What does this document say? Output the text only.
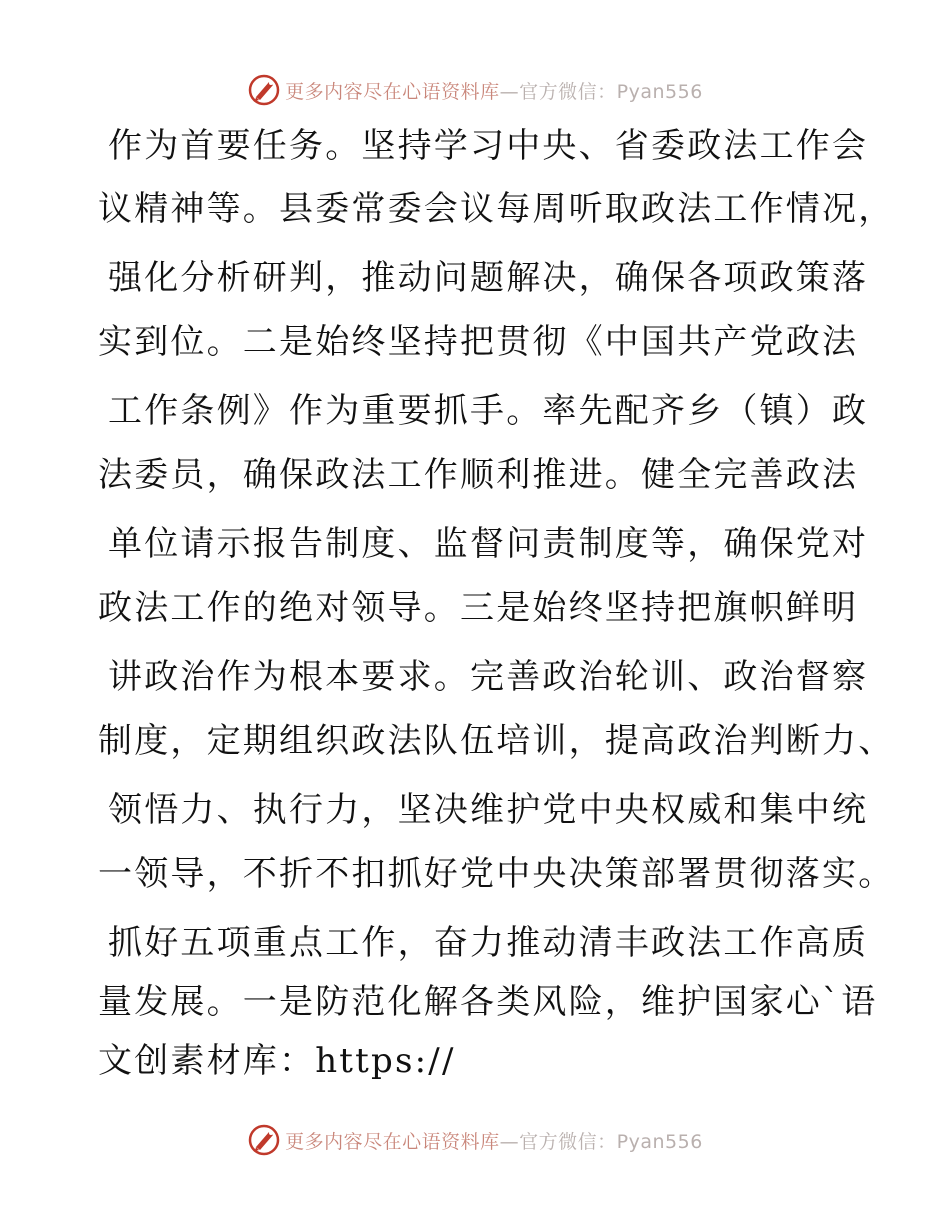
更多内容尽在心语资料库—官方微信：Pyan556
作为首要任务。坚持学习中央、省委政法工作会
议精神等。县委常委会议每周听取政法工作情况，
强化分析研判，推动问题解决，确保各项政策落
实到位。二是始终坚持把贯彻《中国共产党政法
工作条例》作为重要抓手。率先配齐乡（镇）政
法委员，确保政法工作顺利推进。健全完善政法
单位请示报告制度、监督问责制度等，确保党对
政法工作的绝对领导。三是始终坚持把旗帜鲜明
讲政治作为根本要求。完善政治轮训、政治督察
制度，定期组织政法队伍培训，提高政治判断力、
领悟力、执行力，坚决维护党中央权威和集中统
一领导，不折不扣抓好党中央决策部署贯彻落实。
抓好五项重点工作，奋力推动清丰政法工作高质
量发展。一是防范化解各类风险，维护国家心`语
文创素材库：https://
更多内容尽在心语资料库—官方微信：Pyan556
